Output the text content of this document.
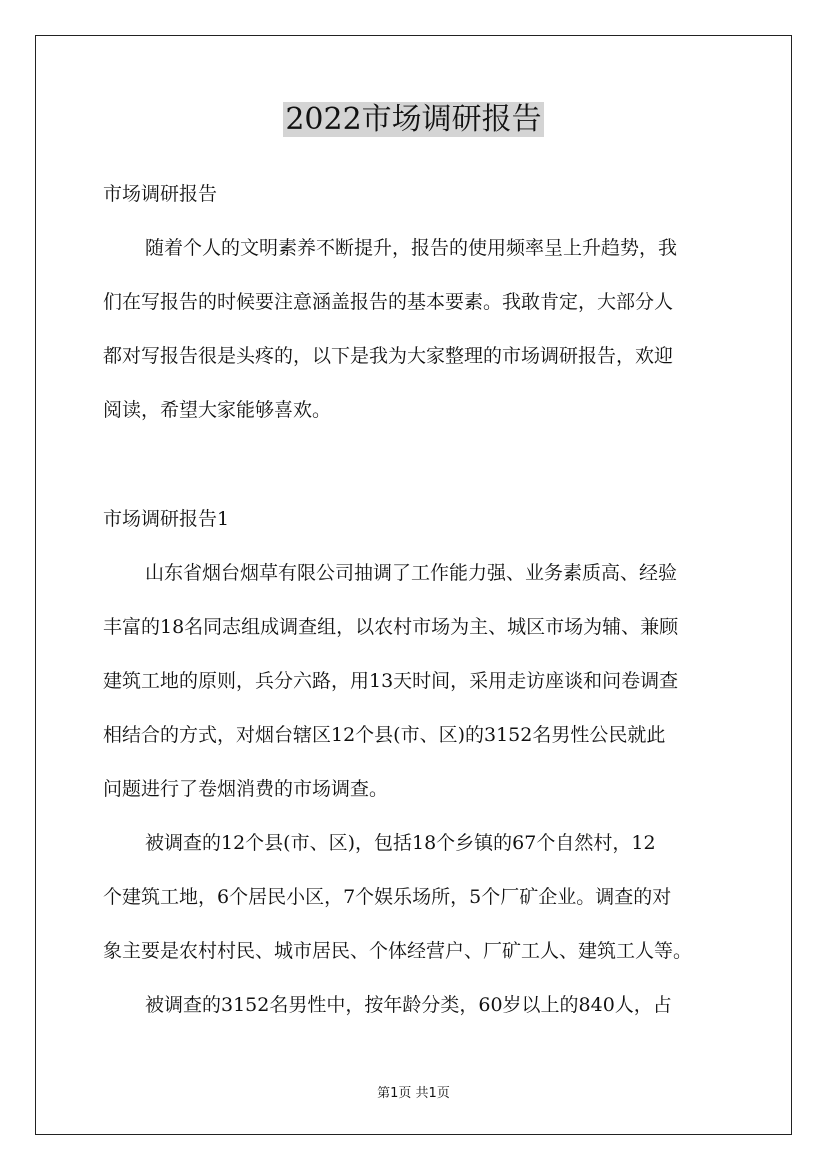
2022市场调研报告
市场调研报告
随着个人的文明素养不断提升，报告的使用频率呈上升趋势，我
们在写报告的时候要注意涵盖报告的基本要素。我敢肯定，大部分人
都对写报告很是头疼的，以下是我为大家整理的市场调研报告，欢迎
阅读，希望大家能够喜欢。
市场调研报告1
山东省烟台烟草有限公司抽调了工作能力强、业务素质高、经验
丰富的18名同志组成调查组，以农村市场为主、城区市场为辅、兼顾
建筑工地的原则，兵分六路，用13天时间，采用走访座谈和问卷调查
相结合的方式，对烟台辖区12个县(市、区)的3152名男性公民就此
问题进行了卷烟消费的市场调查。
被调查的12个县(市、区)，包括18个乡镇的67个自然村，12
个建筑工地，6个居民小区，7个娱乐场所，5个厂矿企业。调查的对
象主要是农村村民、城市居民、个体经营户、厂矿工人、建筑工人等。
被调查的3152名男性中，按年龄分类，60岁以上的840人，占
第1页 共1页
